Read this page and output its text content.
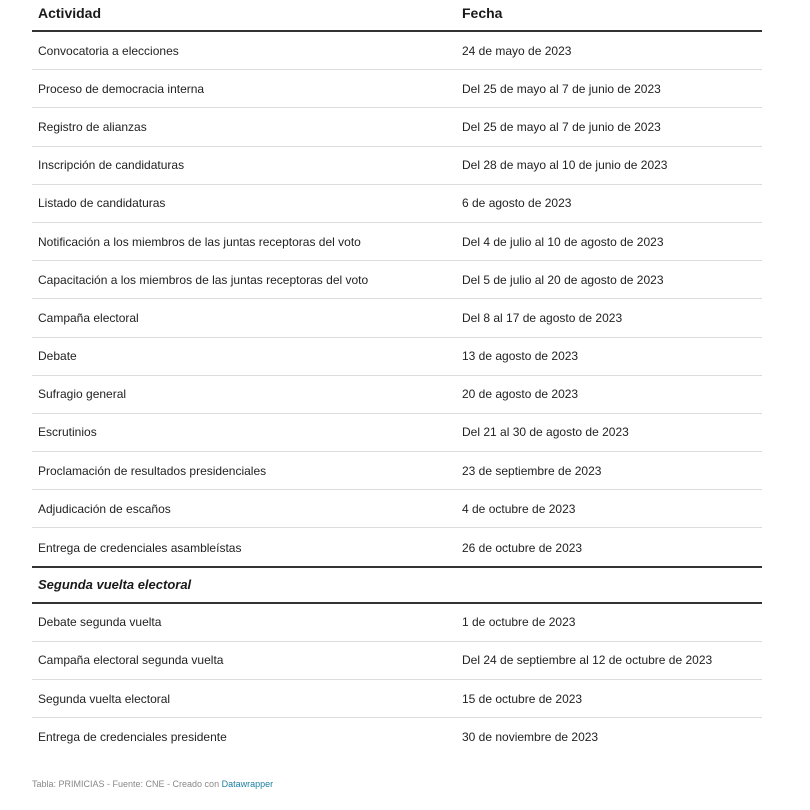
Actividad	Fecha
Convocatoria a elecciones	24 de mayo de 2023
Proceso de democracia interna	Del 25 de mayo al 7 de junio de 2023
Registro de alianzas	Del 25 de mayo al 7 de junio de 2023
Inscripción de candidaturas	Del 28 de mayo al 10 de junio de 2023
Listado de candidaturas	6 de agosto de 2023
Notificación a los miembros de las juntas receptoras del voto	Del 4 de julio al 10 de agosto de 2023
Capacitación a los miembros de las juntas receptoras del voto	Del 5 de julio al 20 de agosto de 2023
Campaña electoral	Del 8 al 17 de agosto de 2023
Debate	13 de agosto de 2023
Sufragio general	20 de agosto de 2023
Escrutinios	Del 21 al 30 de agosto de 2023
Proclamación de resultados presidenciales	23 de septiembre de 2023
Adjudicación de escaños	4 de octubre de 2023
Entrega de credenciales asambleístas	26 de octubre de 2023
Segunda vuelta electoral
Debate segunda vuelta	1 de octubre de 2023
Campaña electoral segunda vuelta	Del 24 de septiembre al 12 de octubre de 2023
Segunda vuelta electoral	15 de octubre de 2023
Entrega de credenciales presidente	30 de noviembre de 2023
Tabla: PRIMICIAS - Fuente: CNE - Creado con Datawrapper
